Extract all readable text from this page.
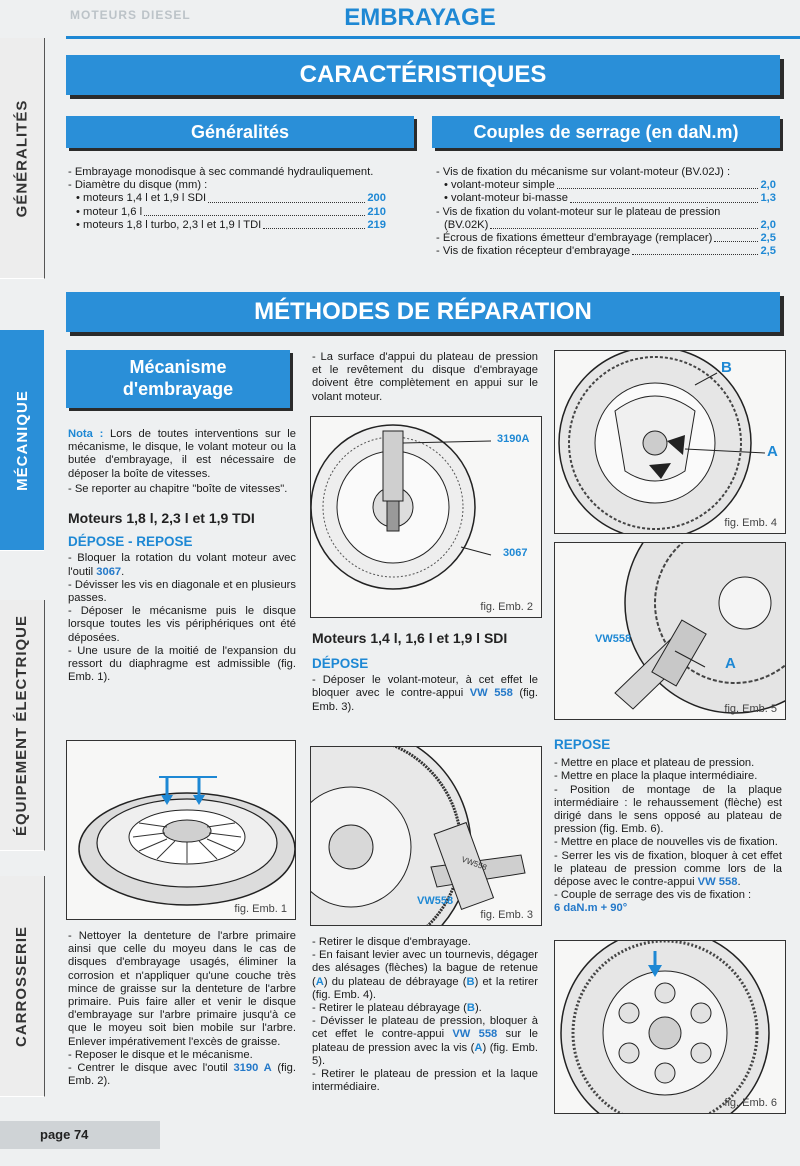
MOTEURS DIESEL	EMBRAYAGE
GÉNÉRALITÉS
MÉCANIQUE
ÉQUIPEMENT ÉLECTRIQUE
CARROSSERIE
CARACTÉRISTIQUES
Généralités	Couples de serrage (en daN.m)

- Embrayage monodisque à sec commandé hydrauliquement.

- Diamètre du disque (mm) :

• moteurs 1,4 l et 1,9 l SDI	200
• moteur 1,6 l	210
• moteurs 1,8 l turbo, 2,3 l et 1,9 l TDI	219

- Vis de fixation du mécanisme sur volant-moteur (BV.02J) :

• volant-moteur simple	2,0
• volant-moteur bi-masse	1,3

- Vis de fixation du volant-moteur sur le plateau de pression

(BV.02K)	2,0
- Écrous de fixations émetteur d'embrayage (remplacer)	2,5
- Vis de fixation récepteur d'embrayage	2,5
MÉTHODES DE RÉPARATION
Mécanisme
d'embrayage

Nota : Lors de toutes interventions sur le mécanisme, le disque, le volant moteur ou la butée d'embrayage, il est nécessaire de déposer la boîte de vitesses.

- Se reporter au chapitre "boîte de vitesses".

Moteurs 1,8 l, 2,3 l et 1,9 TDI
DÉPOSE - REPOSE

- Bloquer la rotation du volant moteur avec l'outil 3067.

- Dévisser les vis en diagonale et en plusieurs passes.

- Déposer le mécanisme puis le disque lorsque toutes les vis périphériques ont été déposées.

- Une usure de la moitié de l'expansion du ressort du diaphragme est admissible (fig. Emb. 1).

fig. Emb. 1

- Nettoyer la denteture de l'arbre primaire ainsi que celle du moyeu dans le cas de disques d'embrayage usagés, éliminer la corrosion et n'appliquer qu'une couche très mince de graisse sur la denteture de l'arbre primaire. Puis faire aller et venir le disque d'embrayage sur l'arbre primaire jusqu'à ce que le moyeu soit bien mobile sur l'arbre. Enlever impérativement l'excès de graisse.

- Reposer le disque et le mécanisme.

- Centrer le disque avec l'outil 3190 A (fig. Emb. 2).

- La surface d'appui du plateau de pression et le revêtement du disque d'embrayage doivent être complètement en appui sur le volant moteur.

3190A
3067
fig. Emb. 2
Moteurs 1,4 l, 1,6 l et 1,9 l SDI
DÉPOSE

- Déposer le volant-moteur, à cet effet le bloquer avec le contre-appui VW 558 (fig. Emb. 3).

VW558
VW558
fig. Emb. 3

- Retirer le disque d'embrayage.

- En faisant levier avec un tournevis, dégager des alésages (flèches) la bague de retenue (A) du plateau de débrayage (B) et la retirer (fig. Emb. 4).

- Retirer le plateau débrayage (B).

- Dévisser le plateau de pression, bloquer à cet effet le contre-appui VW 558 sur le plateau de pression avec la vis (A) (fig. Emb. 5).

- Retirer le plateau de pression et la laque intermédiaire.

B
A
fig. Emb. 4
VW558
A
fig. Emb. 5
REPOSE

- Mettre en place et plateau de pression.

- Mettre en place la plaque intermédiaire.

- Position de montage de la plaque intermédiaire : le rehaussement (flèche) est dirigé dans le sens opposé au plateau de pression (fig. Emb. 6).

- Mettre en place de nouvelles vis de fixation.

- Serrer les vis de fixation, bloquer à cet effet le plateau de pression comme lors de la dépose avec le contre-appui VW 558.

- Couple de serrage des vis de fixation :

6 daN.m + 90°

fig. Emb. 6
page 74
